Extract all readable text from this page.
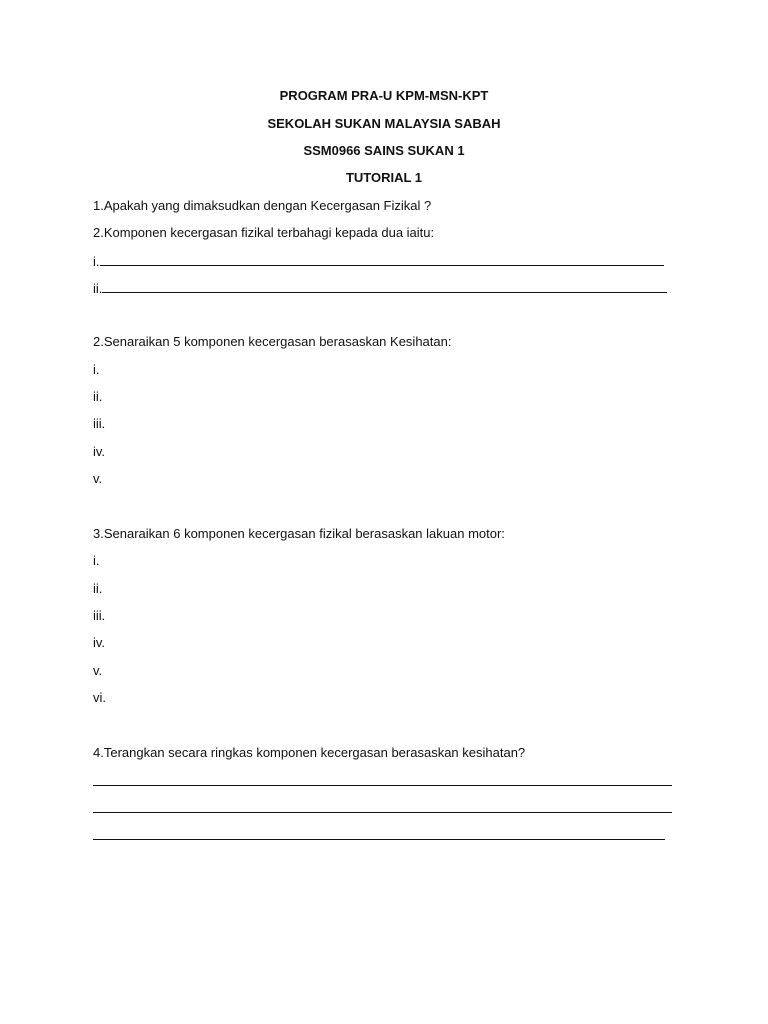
PROGRAM PRA-U KPM-MSN-KPT
SEKOLAH SUKAN MALAYSIA SABAH
SSM0966 SAINS SUKAN 1
TUTORIAL 1
1.Apakah yang dimaksudkan dengan Kecergasan Fizikal ?
2.Komponen kecergasan fizikal terbahagi kepada dua iaitu:
i.
ii.
2.Senaraikan 5 komponen kecergasan berasaskan Kesihatan:
i.
ii.
iii.
iv.
v.
3.Senaraikan 6 komponen kecergasan fizikal berasaskan lakuan motor:
i.
ii.
iii.
iv.
v.
vi.
4.Terangkan secara ringkas komponen kecergasan berasaskan kesihatan?
